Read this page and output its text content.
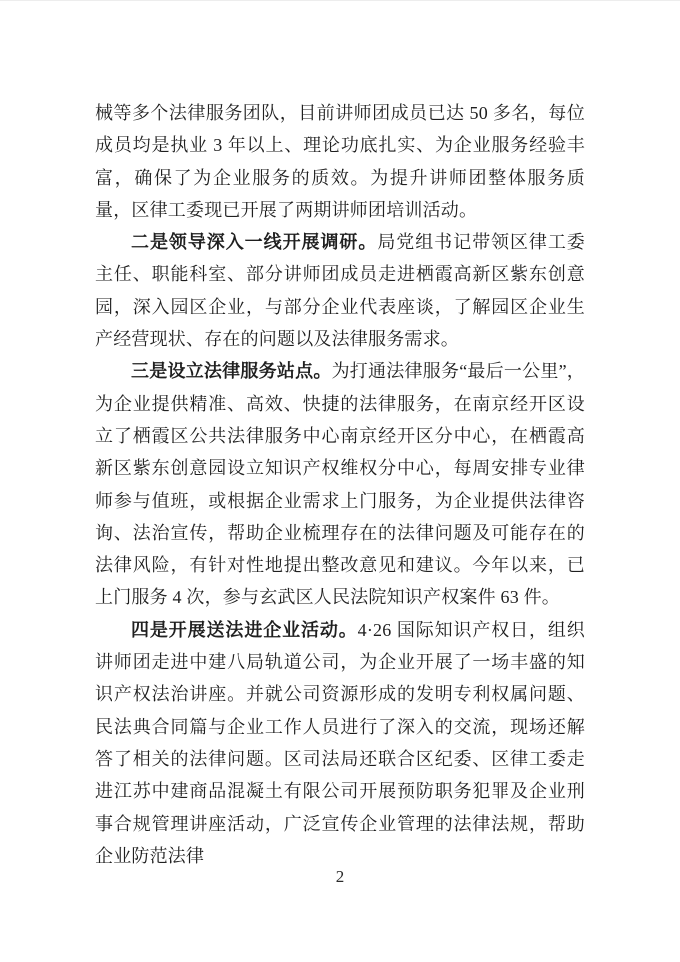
械等多个法律服务团队，目前讲师团成员已达 50 多名，每位成员均是执业 3 年以上、理论功底扎实、为企业服务经验丰富，确保了为企业服务的质效。为提升讲师团整体服务质量，区律工委现已开展了两期讲师团培训活动。

二是领导深入一线开展调研。局党组书记带领区律工委主任、职能科室、部分讲师团成员走进栖霞高新区紫东创意园，深入园区企业，与部分企业代表座谈，了解园区企业生产经营现状、存在的问题以及法律服务需求。

三是设立法律服务站点。为打通法律服务“最后一公里”，为企业提供精准、高效、快捷的法律服务，在南京经开区设立了栖霞区公共法律服务中心南京经开区分中心，在栖霞高新区紫东创意园设立知识产权维权分中心，每周安排专业律师参与值班，或根据企业需求上门服务，为企业提供法律咨询、法治宣传，帮助企业梳理存在的法律问题及可能存在的法律风险，有针对性地提出整改意见和建议。今年以来，已上门服务 4 次，参与玄武区人民法院知识产权案件 63 件。

四是开展送法进企业活动。4·26 国际知识产权日，组织讲师团走进中建八局轨道公司，为企业开展了一场丰盛的知识产权法治讲座。并就公司资源形成的发明专利权属问题、民法典合同篇与企业工作人员进行了深入的交流，现场还解答了相关的法律问题。区司法局还联合区纪委、区律工委走进江苏中建商品混凝土有限公司开展预防职务犯罪及企业刑事合规管理讲座活动，广泛宣传企业管理的法律法规，帮助企业防范法律

2
